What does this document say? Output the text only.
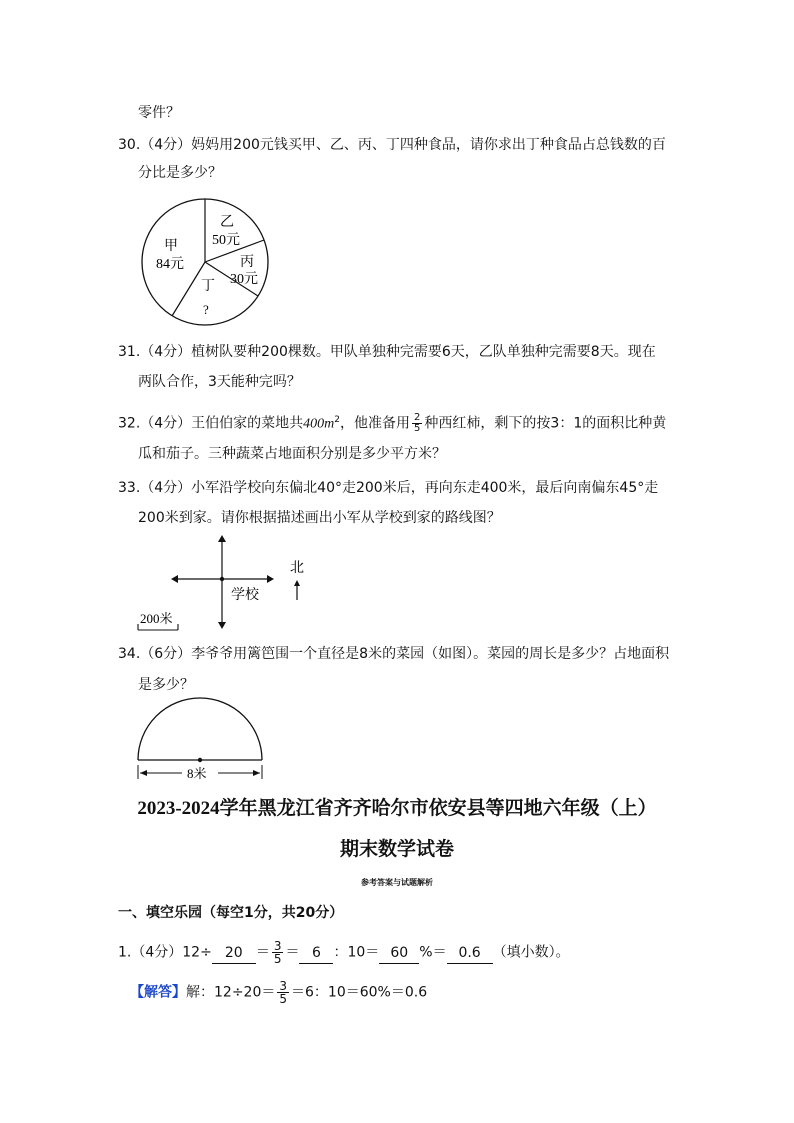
零件？
30.（4分）妈妈用200元钱买甲、乙、丙、丁四种食品，请你求出丁种食品占总钱数的百
分比是多少？
甲
84元
乙
50元
丙
30元
丁
?
31.（4分）植树队要种200棵数。甲队单独种完需要6天，乙队单独种完需要8天。现在
两队合作，3天能种完吗？
32.（4分）王伯伯家的菜地共$400m^2$，他准备用 $\frac{2}{5}$ 种西红柿，剩下的按3：1的面积比种黄
瓜和茄子。三种蔬菜占地面积分别是多少平方米？
33.（4分）小军沿学校向东偏北40°走200米后，再向东走400米，最后向南偏东45°走
200米到家。请你根据描述画出小军从学校到家的路线图？
学校
北
200米
34.（6分）李爷爷用篱笆围一个直径是8米的菜园（如图）。菜园的周长是多少？占地面积
是多少？
8米
2023-2024学年黑龙江省齐齐哈尔市依安县等四地六年级（上）
期末数学试卷
参考答案与试题解析
一、填空乐园（每空1分，共20分）
1.（4分）$12\div 20 = \frac{3}{5} = 6$ ：10＝ 60 %＝ 0.6 （填小数）。
【解答】解：$12\div 20= \frac{3}{5} =6$：10＝60%＝0.6
